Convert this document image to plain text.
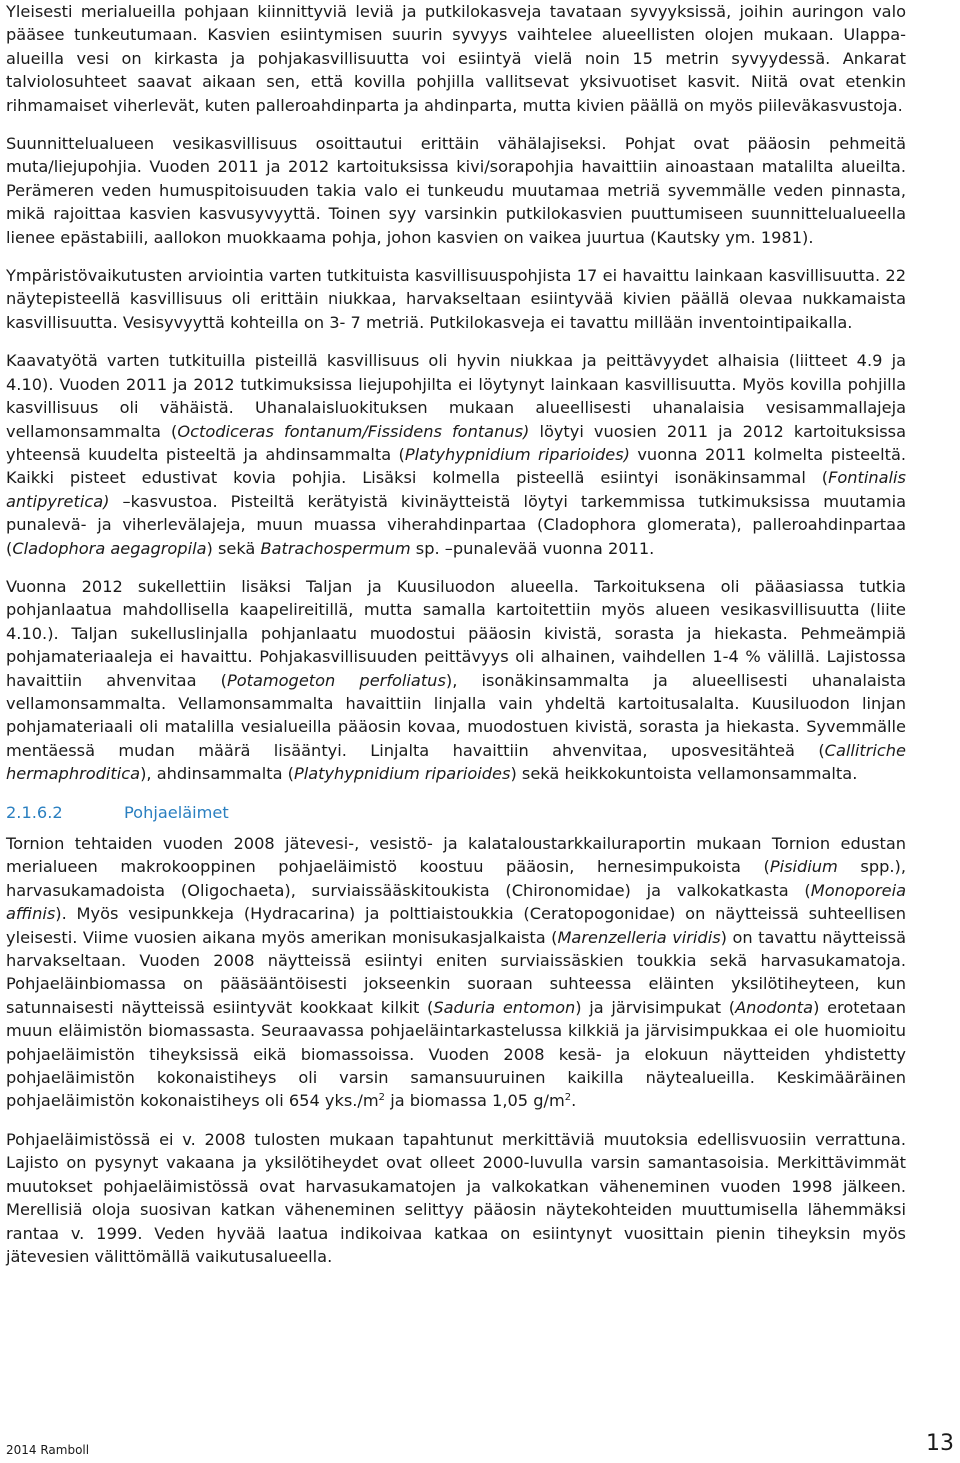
Yleisesti merialueilla pohjaan kiinnittyviä leviä ja putkilokasveja tavataan syvyyksissä, joihin auringon valo pääsee tunkeutumaan. Kasvien esiintymisen suurin syvyys vaihtelee alueellisten olojen mukaan. Ulappa-alueilla vesi on kirkasta ja pohjakasvillisuutta voi esiintyä vielä noin 15 metrin syvyydessä. Ankarat talviolosuhteet saavat aikaan sen, että kovilla pohjilla vallitsevat yksivuotiset kasvit. Niitä ovat etenkin rihmamaiset viherlevät, kuten palleroahdinparta ja ahdinparta, mutta kivien päällä on myös piileväkasvustoja.

Suunnittelualueen vesikasvillisuus osoittautui erittäin vähälajiseksi. Pohjat ovat pääosin pehmeitä muta/liejupohjia. Vuoden 2011 ja 2012 kartoituksissa kivi/sorapohjia havaittiin ainoastaan matalilta alueilta. Perämeren veden humuspitoisuuden takia valo ei tunkeudu muutamaa metriä syvemmälle veden pinnasta, mikä rajoittaa kasvien kasvusyvyyttä. Toinen syy varsinkin putkilokasvien puuttumiseen suunnittelualueella lienee epästabiili, aallokon muokkaama pohja, johon kasvien on vaikea juurtua (Kautsky ym. 1981).

Ympäristövaikutusten arviointia varten tutkituista kasvillisuuspohjista 17 ei havaittu lainkaan kasvillisuutta. 22 näytepisteellä kasvillisuus oli erittäin niukkaa, harvakseltaan esiintyvää kivien päällä olevaa nukkamaista kasvillisuutta. Vesisyvyyttä kohteilla on 3- 7 metriä. Putkilokasveja ei tavattu millään inventointipaikalla.

Kaavatyötä varten tutkituilla pisteillä kasvillisuus oli hyvin niukkaa ja peittävyydet alhaisia (liitteet 4.9 ja 4.10). Vuoden 2011 ja 2012 tutkimuksissa liejupohjilta ei löytynyt lainkaan kasvillisuutta. Myös kovilla pohjilla kasvillisuus oli vähäistä. Uhanalaisluokituksen mukaan alueellisesti uhanalaisia vesisammallajeja vellamonsammalta (Octodiceras fontanum/Fissidens fontanus) löytyi vuosien 2011 ja 2012 kartoituksissa yhteensä kuudelta pisteeltä ja ahdinsammalta (Platyhypnidium riparioides) vuonna 2011 kolmelta pisteeltä. Kaikki pisteet edustivat kovia pohjia. Lisäksi kolmella pisteellä esiintyi isonäkinsammal (Fontinalis antipyretica) –kasvustoa. Pisteiltä kerätyistä kivinäytteistä löytyi tarkemmissa tutkimuksissa muutamia punalevä- ja viherlevälajeja, muun muassa viherahdinpartaa (Cladophora glomerata), palleroahdinpartaa (Cladophora aegagropila) sekä Batrachospermum sp. –punalevää vuonna 2011.

Vuonna 2012 sukellettiin lisäksi Taljan ja Kuusiluodon alueella. Tarkoituksena oli pääasiassa tutkia pohjanlaatua mahdollisella kaapelireitillä, mutta samalla kartoitettiin myös alueen vesikasvillisuutta (liite 4.10.). Taljan sukelluslinjalla pohjanlaatu muodostui pääosin kivistä, sorasta ja hiekasta. Pehmeämpiä pohjamateriaaleja ei havaittu. Pohjakasvillisuuden peittävyys oli alhainen, vaihdellen 1-4 % välillä. Lajistossa havaittiin ahvenvitaa (Potamogeton perfoliatus), isonäkinsammalta ja alueellisesti uhanalaista vellamonsammalta. Vellamonsammalta havaittiin linjalla vain yhdeltä kartoitusalalta. Kuusiluodon linjan pohjamateriaali oli matalilla vesialueilla pääosin kovaa, muodostuen kivistä, sorasta ja hiekasta. Syvemmälle mentäessä mudan määrä lisääntyi. Linjalta havaittiin ahvenvitaa, uposvesitähteä (Callitriche hermaphroditica), ahdinsammalta (Platyhypnidium riparioides) sekä heikkokuntoista vellamonsammalta.

2.1.6.2	Pohjaeläimet

Tornion tehtaiden vuoden 2008 jätevesi-, vesistö- ja kalataloustarkkailuraportin mukaan Tornion edustan merialueen makrokooppinen pohjaeläimistö koostuu pääosin, hernesimpukoista (Pisidium spp.), harvasukamadoista (Oligochaeta), surviaissääskitoukista (Chironomidae) ja valkokatkasta (Monoporeia affinis). Myös vesipunkkeja (Hydracarina) ja polttiaistoukkia (Ceratopogonidae) on näytteissä suhteellisen yleisesti. Viime vuosien aikana myös amerikan monisukasjalkaista (Marenzelleria viridis) on tavattu näytteissä harvakseltaan. Vuoden 2008 näytteissä esiintyi eniten surviaissäskien toukkia sekä harvasukamatoja. Pohjaeläinbiomassa on pääsääntöisesti jokseenkin suoraan suhteessa eläinten yksilötiheyteen, kun satunnaisesti näytteissä esiintyvät kookkaat kilkit (Saduria entomon) ja järvisimpukat (Anodonta) erotetaan muun eläimistön biomassasta. Seuraavassa pohjaeläintarkastelussa kilkkiä ja järvisimpukkaa ei ole huomioitu pohjaeläimistön tiheyksissä eikä biomassoissa. Vuoden 2008 kesä- ja elokuun näytteiden yhdistetty pohjaeläimistön kokonaistiheys oli varsin samansuuruinen kaikilla näytealueilla. Keskimääräinen pohjaeläimistön kokonaistiheys oli 654 $yks./m^2$ ja biomassa 1,05 $g/m^2$.

Pohjaeläimistössä ei v. 2008 tulosten mukaan tapahtunut merkittäviä muutoksia edellisvuosiin verrattuna. Lajisto on pysynyt vakaana ja yksilötiheydet ovat olleet 2000-luvulla varsin samantasoisia. Merkittävimmät muutokset pohjaeläimistössä ovat harvasukamatojen ja valkokatkan väheneminen vuoden 1998 jälkeen. Merellisiä oloja suosivan katkan väheneminen selittyy pääosin näytekohteiden muuttumisella lähemmäksi rantaa v. 1999. Veden hyvää laatua indikoivaa katkaa on esiintynyt vuosittain pienin tiheyksin myös jätevesien välittömällä vaikutusalueella.

2014 Ramboll	13
